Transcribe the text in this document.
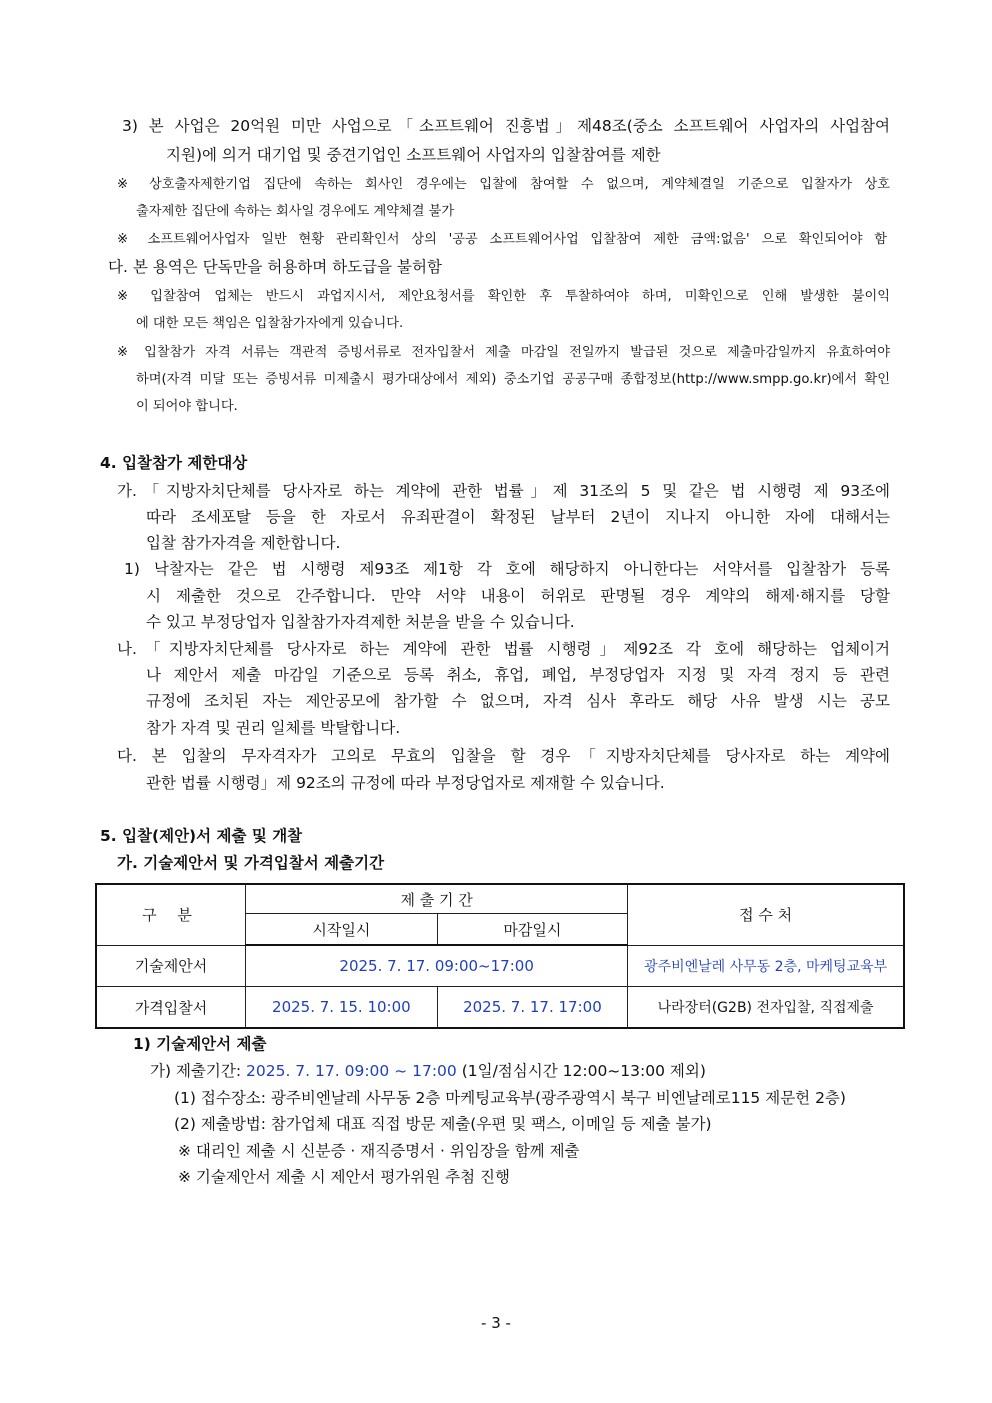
3) 본 사업은 20억원 미만 사업으로「소프트웨어 진흥법」제48조(중소 소프트웨어 사업자의 사업참여
지원)에 의거 대기업 및 중견기업인 소프트웨어 사업자의 입찰참여를 제한
※ 상호출자제한기업 집단에 속하는 회사인 경우에는 입찰에 참여할 수 없으며, 계약체결일 기준으로 입찰자가 상호
출자제한 집단에 속하는 회사일 경우에도 계약체결 불가
※ 소프트웨어사업자 일반 현황 관리확인서 상의 '공공 소프트웨어사업 입찰참여 제한 금액:없음' 으로 확인되어야 함
다. 본 용역은 단독만을 허용하며 하도급을 불허함
※ 입찰참여 업체는 반드시 과업지시서, 제안요청서를 확인한 후 투찰하여야 하며, 미확인으로 인해 발생한 불이익
에 대한 모든 책임은 입찰참가자에게 있습니다.
※ 입찰참가 자격 서류는 객관적 증빙서류로 전자입찰서 제출 마감일 전일까지 발급된 것으로 제출마감일까지 유효하여야
하며(자격 미달 또는 증빙서류 미제출시 평가대상에서 제외) 중소기업 공공구매 종합정보(http://www.smpp.go.kr)에서 확인
이 되어야 합니다.
4. 입찰참가 제한대상
가.「지방자치단체를 당사자로 하는 계약에 관한 법률」제 31조의 5 및 같은 법 시행령 제 93조에
따라 조세포탈 등을 한 자로서 유죄판결이 확정된 날부터 2년이 지나지 아니한 자에 대해서는
입찰 참가자격을 제한합니다.
1) 낙찰자는 같은 법 시행령 제93조 제1항 각 호에 해당하지 아니한다는 서약서를 입찰참가 등록
시 제출한 것으로 간주합니다. 만약 서약 내용이 허위로 판명될 경우 계약의 해제·해지를 당할
수 있고 부정당업자 입찰참가자격제한 처분을 받을 수 있습니다.
나.「지방자치단체를 당사자로 하는 계약에 관한 법률 시행령」제92조 각 호에 해당하는 업체이거
나 제안서 제출 마감일 기준으로 등록 취소, 휴업, 폐업, 부정당업자 지정 및 자격 정지 등 관련
규정에 조치된 자는 제안공모에 참가할 수 없으며, 자격 심사 후라도 해당 사유 발생 시는 공모
참가 자격 및 권리 일체를 박탈합니다.
다. 본 입찰의 무자격자가 고의로 무효의 입찰을 할 경우「지방자치단체를 당사자로 하는 계약에
관한 법률 시행령」제 92조의 규정에 따라 부정당업자로 제재할 수 있습니다.
5. 입찰(제안)서 제출 및 개찰
가. 기술제안서 및 가격입찰서 제출기간
구 분	제 출 기 간		접 수 처
	시작일시	마감일시	
기술제안서	2025. 7. 17. 09:00~17:00		광주비엔날레 사무동 2층, 마케팅교육부
가격입찰서	2025. 7. 15. 10:00	2025. 7. 17. 17:00	나라장터(G2B) 전자입찰, 직접제출
1) 기술제안서 제출
가) 제출기간: 2025. 7. 17. 09:00 ~ 17:00 (1일/점심시간 12:00~13:00 제외)
(1) 접수장소: 광주비엔날레 사무동 2층 마케팅교육부(광주광역시 북구 비엔날레로115 제문헌 2층)
(2) 제출방법: 참가업체 대표 직접 방문 제출(우편 및 팩스, 이메일 등 제출 불가)
※ 대리인 제출 시 신분증 · 재직증명서 · 위임장을 함께 제출
※ 기술제안서 제출 시 제안서 평가위원 추첨 진행
- 3 -
